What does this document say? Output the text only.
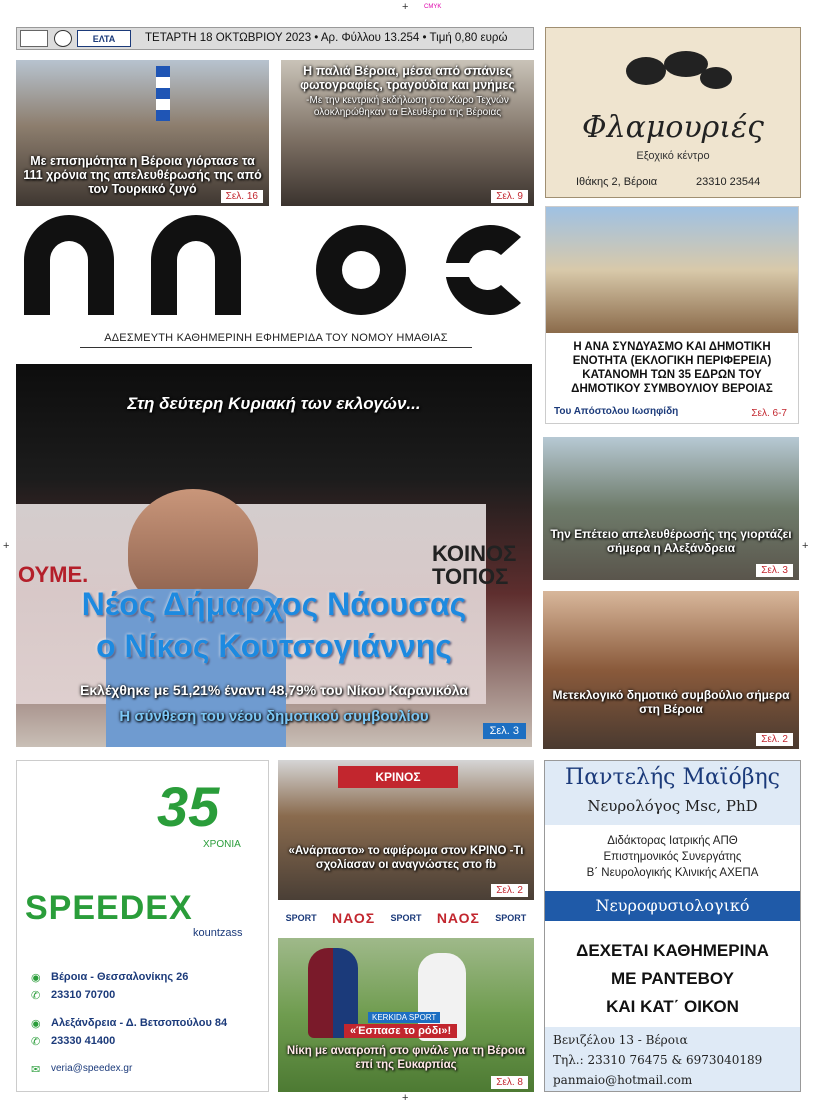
+	CMYK
+	+
+
ΕΛΤΑ	ΤΕΤΑΡΤΗ 18 ΟΚΤΩΒΡΙΟΥ 2023 • Αρ. Φύλλου 13.254 • Τιμή 0,80 ευρώ
Με επισημότητα η Βέροια γιόρτασε τα 111 χρόνια της απελευθέρωσής της από τον Τουρκικό ζυγό
Σελ. 16
Η παλιά Βέροια, μέσα από σπάνιες φωτογραφίες, τραγούδια και μνήμες
-Με την κεντρική εκδήλωση στο Χώρο Τεχνών ολοκληρώθηκαν τα Ελευθέρια της Βέροιας
Σελ. 9
ΑΔΕΣΜΕΥΤΗ ΚΑΘΗΜΕΡΙΝΗ ΕΦΗΜΕΡΙΔΑ ΤΟΥ ΝΟΜΟΥ ΗΜΑΘΙΑΣ
ΟΥΜΕ.
ΚΟΙΝΟΣ ΤΟΠΟΣ
Στη δεύτερη Κυριακή των εκλογών...
Νέος Δήμαρχος Νάουσας
ο Νίκος Κουτσογιάννης
Εκλέχθηκε με 51,21% έναντι 48,79% του Νίκου Καρανικόλα
Η σύνθεση του νέου δημοτικού συμβουλίου
Σελ. 3
Φλαμουριές
Εξοχικό κέντρο
Ιθάκης 2, Βέροια	23310 23544
Η ΑΝΑ ΣΥΝΔΥΑΣΜΟ ΚΑΙ ΔΗΜΟΤΙΚΗ ΕΝΟΤΗΤΑ (ΕΚΛΟΓΙΚΗ ΠΕΡΙΦΕΡΕΙΑ) ΚΑΤΑΝΟΜΗ ΤΩΝ 35 ΕΔΡΩΝ ΤΟΥ ΔΗΜΟΤΙΚΟΥ ΣΥΜΒΟΥΛΙΟΥ ΒΕΡΟΙΑΣ
Του Απόστολου Ιωσηφίδη	Σελ. 6-7
Την Επέτειο απελευθέρωσής της γιορτάζει σήμερα η Αλεξάνδρεια
Σελ. 3
Μετεκλογικό δημοτικό συμβούλιο σήμερα στη Βέροια
Σελ. 2
35
ΧΡΟΝΙΑ
SPEEDEX
kountzass
◉ Βέροια - Θεσσαλονίκης 26
✆ 23310 70700
◉ Αλεξάνδρεια - Δ. Βετσοπούλου 84
✆ 23330 41400
✉ veria@speedex.gr
ΚΡΙΝΟΣ
«Ανάρπαστο» το αφιέρωμα στον ΚΡΙΝΟ -Τι σχολίασαν οι αναγνώστες στο fb
Σελ. 2
SPORT ΝΑΟΣ SPORT ΝΑΟΣ SPORT
KERKIDA SPORT
«Έσπασε το ρόδι»!
Νίκη με ανατροπή στο φινάλε για τη Βέροια επί της Ευκαρπίας
Σελ. 8
Παντελής Μαϊόβης
Νευρολόγος Msc, PhD
Διδάκτορας Ιατρικής ΑΠΘ
Επιστημονικός Συνεργάτης
Β΄ Νευρολογικής Κλινικής ΑΧΕΠΑ
Νευροφυσιολογικό Εργαστήριο
ΔΕΧΕΤΑΙ ΚΑΘΗΜΕΡΙΝΑ
ΜΕ ΡΑΝΤΕΒΟΥ
ΚΑΙ ΚΑΤ΄ ΟΙΚΟΝ
Βενιζέλου 13 - Βέροια
Τηλ.: 23310 76475 & 6973040189
panmaio@hotmail.com
